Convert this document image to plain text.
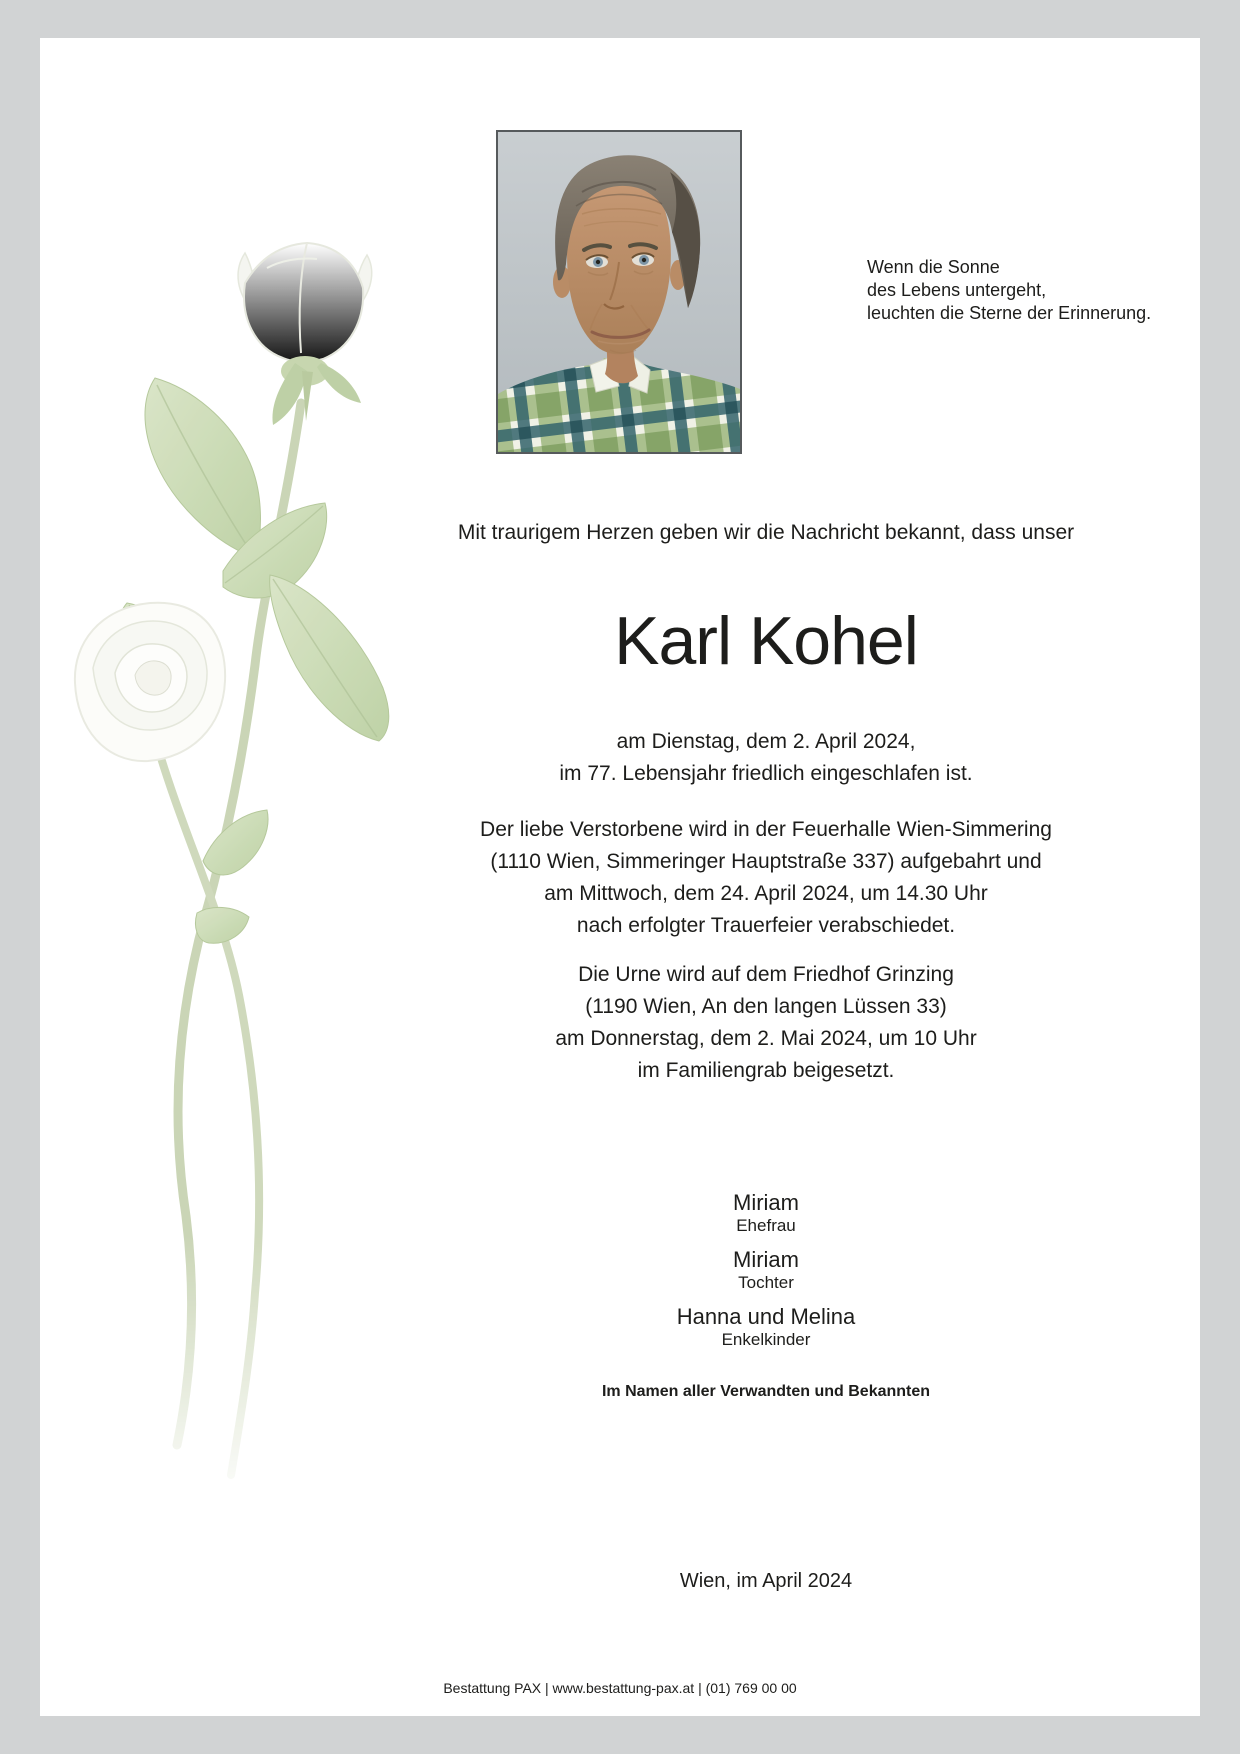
Wenn die Sonne
des Lebens untergeht,
leuchten die Sterne der Erinnerung.
Mit traurigem Herzen geben wir die Nachricht bekannt, dass unser
Karl Kohel
am Dienstag, dem 2. April 2024,
im 77. Lebensjahr friedlich eingeschlafen ist.
Der liebe Verstorbene wird in der Feuerhalle Wien-Simmering
(1110 Wien, Simmeringer Hauptstraße 337) aufgebahrt und
am Mittwoch, dem 24. April 2024, um 14.30 Uhr
nach erfolgter Trauerfeier verabschiedet.
Die Urne wird auf dem Friedhof Grinzing
(1190 Wien, An den langen Lüssen 33)
am Donnerstag, dem 2. Mai 2024, um 10 Uhr
im Familiengrab beigesetzt.
Miriam
Ehefrau
Miriam
Tochter
Hanna und Melina
Enkelkinder
Im Namen aller Verwandten und Bekannten
Wien, im April 2024
Bestattung PAX | www.bestattung-pax.at | (01) 769 00 00
